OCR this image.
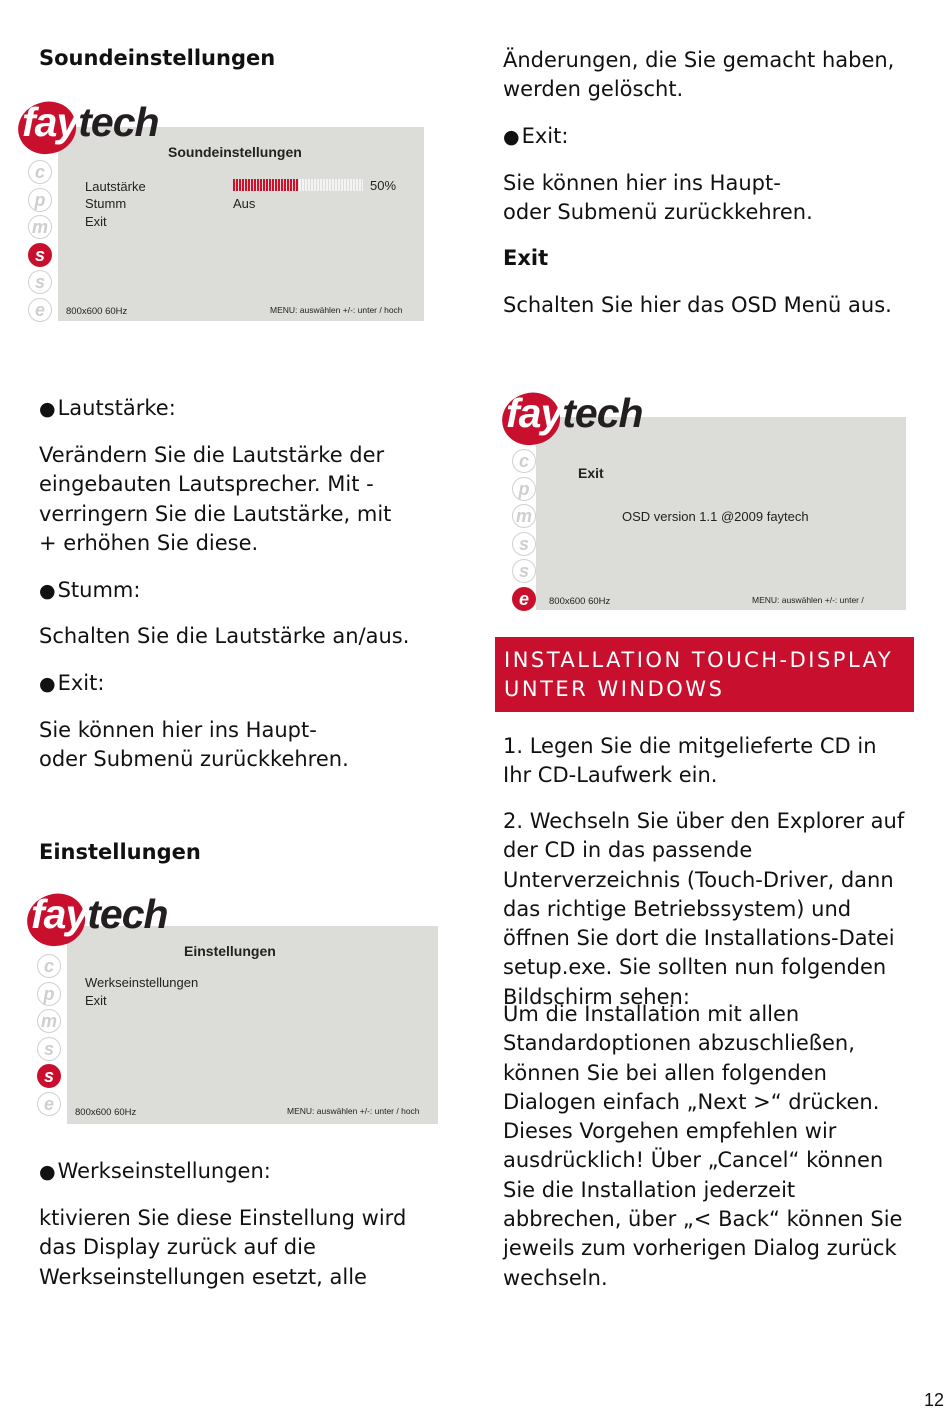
Soundeinstellungen
Soundeinstellungen
Lautstärke
Stumm
Exit
50%
Aus
800x600 60Hz	MENU: auswählen +/-: unter / hoch
faytech
c
p
m
s
s
e
● Lautstärke:
Verändern Sie die Lautstärke der eingebauten Lautsprecher. Mit - verringern Sie die Lautstärke, mit + erhöhen Sie diese.
● Stumm:
Schalten Sie die Lautstärke an/aus.
● Exit:
Sie können hier ins Haupt- oder Submenü zurückkehren.
Einstellungen
Einstellungen
Werkseinstellungen
Exit
800x600 60Hz	MENU: auswählen +/-: unter / hoch
faytech
c
p
m
s
s
e
● Werkseinstellungen:
ktivieren Sie diese Einstellung wird das Display zurück auf die Werkseinstellungen esetzt, alle
Änderungen, die Sie gemacht haben, werden gelöscht.
● Exit:
Sie können hier ins Haupt- oder Submenü zurückkehren.
Exit
Schalten Sie hier das OSD Menü aus.
Exit
OSD version 1.1 @2009 faytech
800x600 60Hz	MENU: auswählen +/-: unter /
faytech
c
p
m
s
s
e
INSTALLATION TOUCH-DISPLAY UNTER WINDOWS
1. Legen Sie die mitgelieferte CD in Ihr CD-Laufwerk ein.
2. Wechseln Sie über den Explorer auf der CD in das passende Unterverzeichnis (Touch-Driver, dann das richtige Betriebssystem) und öffnen Sie dort die Installations-Datei setup.exe. Sie sollten nun folgenden Bildschirm sehen:
Um die Installation mit allen Standardoptionen abzuschließen, können Sie bei allen folgenden Dialogen einfach „Next >“ drücken. Dieses Vorgehen empfehlen wir ausdrücklich! Über „Cancel“ können Sie die Installation jederzeit abbrechen, über „< Back“ können Sie jeweils zum vorherigen Dialog zurück wechseln.
12
